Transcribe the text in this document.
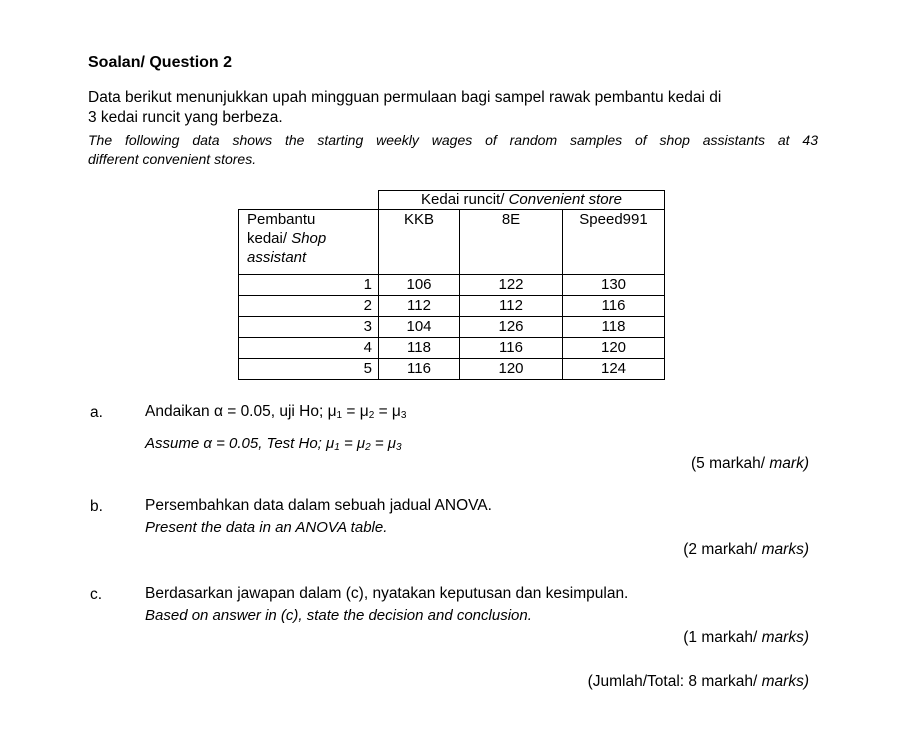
Soalan/ Question 2
Data berikut menunjukkan upah mingguan permulaan bagi sampel rawak pembantu kedai di
3 kedai runcit yang berbeza.
The following data shows the starting weekly wages of random samples of shop assistants at 43
different convenient stores.
	Kedai runcit/ Convenient store		

Pembantu
kedai/ Shop
assistant	KKB	8E	Speed991
1	106	122	130
2	112	112	116
3	104	126	118
4	118	116	120
5	116	120	124
a.	Andaikan α = 0.05, uji Ho; $\mu_1 = \mu_2 = \mu_3$
Assume α = 0.05, Test Ho; $\mu_1 = \mu_2 = \mu_3$
(5 markah/ mark)
b.	Persembahkan data dalam sebuah jadual ANOVA.
Present the data in an ANOVA table.
(2 markah/ marks)
c.	Berdasarkan jawapan dalam (c), nyatakan keputusan dan kesimpulan.
Based on answer in (c), state the decision and conclusion.
(1 markah/ marks)
(Jumlah/Total: 8 markah/ marks)
